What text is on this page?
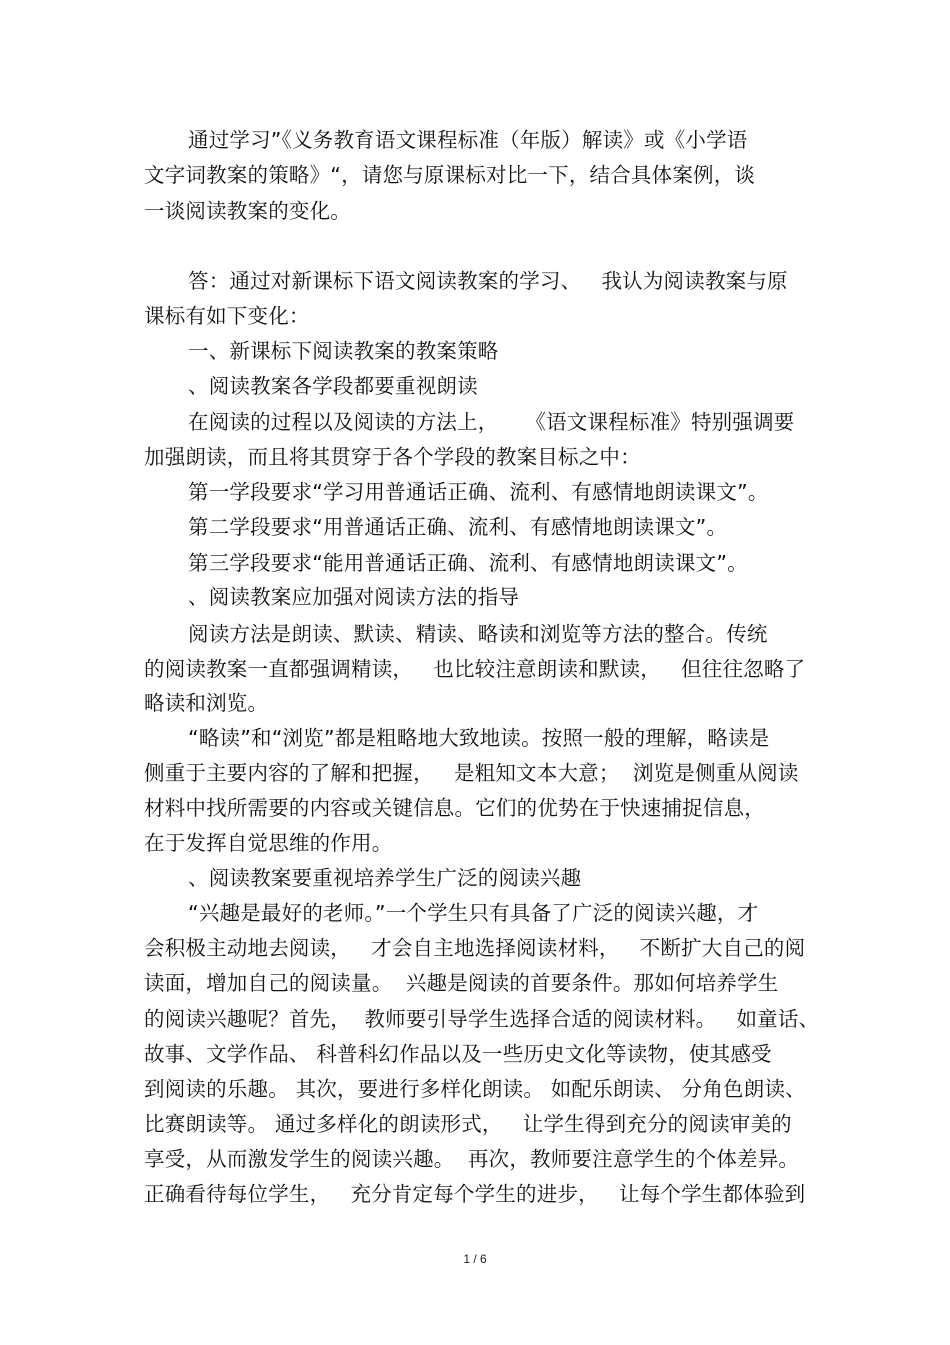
通过学习”《义务教育语文课程标准（年版）解读》或《小学语
文字词教案的策略》“，请您与原课标对比一下，结合具体案例，谈
一谈阅读教案的变化。
答：通过对新课标下语文阅读教案的学习、   我认为阅读教案与原
课标有如下变化：
一、新课标下阅读教案的教案策略
、阅读教案各学段都要重视朗读
在阅读的过程以及阅读的方法上，    《语文课程标准》特别强调要
加强朗读，而且将其贯穿于各个学段的教案目标之中：
第一学段要求“学习用普通话正确、流利、有感情地朗读课文”。
第二学段要求“用普通话正确、流利、有感情地朗读课文”。
第三学段要求“能用普通话正确、流利、有感情地朗读课文”。
、阅读教案应加强对阅读方法的指导
阅读方法是朗读、默读、精读、略读和浏览等方法的整合。传统
的阅读教案一直都强调精读，   也比较注意朗读和默读，   但往往忽略了
略读和浏览。
“略读”和“浏览”都是粗略地大致地读。按照一般的理解，略读是
侧重于主要内容的了解和把握，   是粗知文本大意；  浏览是侧重从阅读
材料中找所需要的内容或关键信息。它们的优势在于快速捕捉信息，
在于发挥自觉思维的作用。
、阅读教案要重视培养学生广泛的阅读兴趣
“兴趣是最好的老师。”一个学生只有具备了广泛的阅读兴趣，才
会积极主动地去阅读，   才会自主地选择阅读材料，   不断扩大自己的阅
读面，增加自己的阅读量。  兴趣是阅读的首要条件。那如何培养学生
的阅读兴趣呢？首先，  教师要引导学生选择合适的阅读材料。   如童话、
故事、文学作品、 科普科幻作品以及一些历史文化等读物，使其感受
到阅读的乐趣。 其次，要进行多样化朗读。 如配乐朗读、 分角色朗读、
比赛朗读等。 通过多样化的朗读形式，   让学生得到充分的阅读审美的
享受，从而激发学生的阅读兴趣。  再次，教师要注意学生的个体差异。
正确看待每位学生，   充分肯定每个学生的进步，   让每个学生都体验到
1 / 6
